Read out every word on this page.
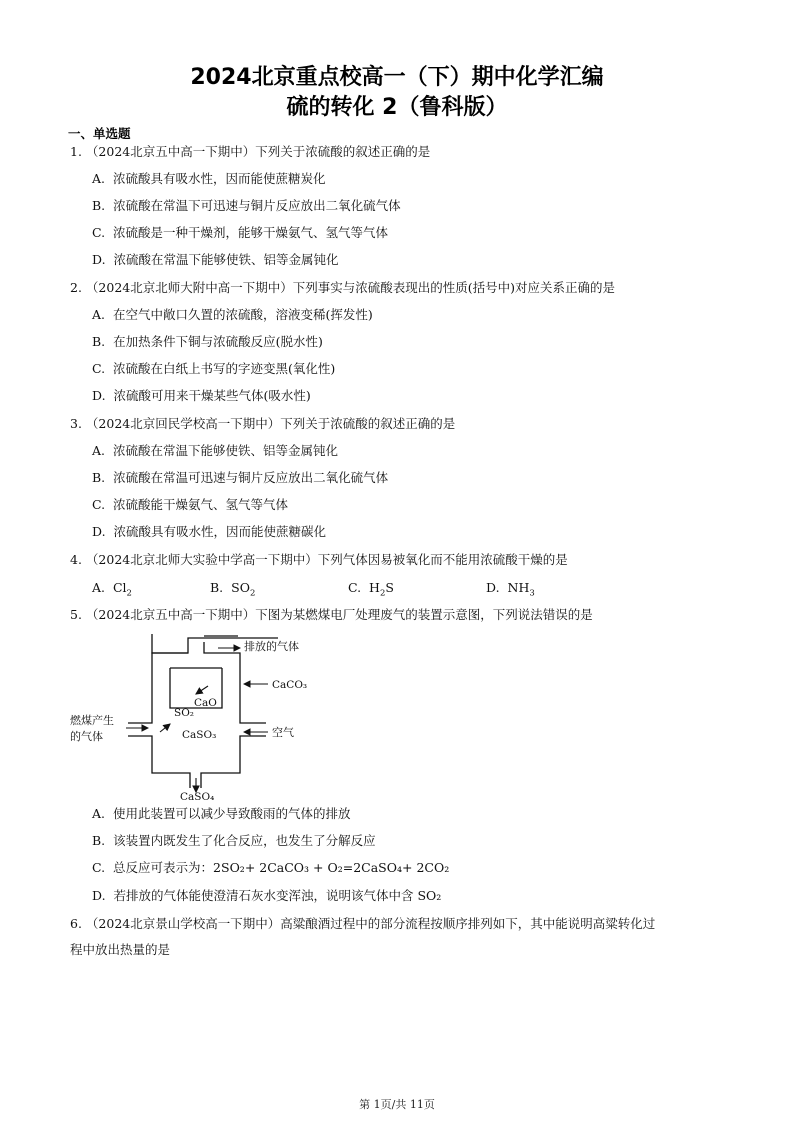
2024北京重点校高一（下）期中化学汇编
硫的转化 2（鲁科版）
一、单选题
1. （2024北京五中高一下期中）下列关于浓硫酸的叙述正确的是
A. 浓硫酸具有吸水性，因而能使蔗糖炭化
B. 浓硫酸在常温下可迅速与铜片反应放出二氧化硫气体
C. 浓硫酸是一种干燥剂，能够干燥氨气、氢气等气体
D. 浓硫酸在常温下能够使铁、铝等金属钝化
2. （2024北京北师大附中高一下期中）下列事实与浓硫酸表现出的性质(括号中)对应关系正确的是
A. 在空气中敞口久置的浓硫酸，溶液变稀(挥发性)
B. 在加热条件下铜与浓硫酸反应(脱水性)
C. 浓硫酸在白纸上书写的字迹变黑(氧化性)
D. 浓硫酸可用来干燥某些气体(吸水性)
3. （2024北京回民学校高一下期中）下列关于浓硫酸的叙述正确的是
A. 浓硫酸在常温下能够使铁、铝等金属钝化
B. 浓硫酸在常温可迅速与铜片反应放出二氧化硫气体
C. 浓硫酸能干燥氨气、氢气等气体
D. 浓硫酸具有吸水性，因而能使蔗糖碳化
4. （2024北京北师大实验中学高一下期中）下列气体因易被氧化而不能用浓硫酸干燥的是
A. $Cl_2$	B. $SO_2$	C. $H_2S$	D. $NH_3$
5. （2024北京五中高一下期中）下图为某燃煤电厂处理废气的装置示意图，下列说法错误的是
排放的气体
CaCO₃
CaO
SO₂
CaSO₃	空气
燃煤产生
的气体
CaSO₄
A. 使用此装置可以减少导致酸雨的气体的排放
B. 该装置内既发生了化合反应，也发生了分解反应
C. 总反应可表示为：2SO₂+ 2CaCO₃ + O₂=2CaSO₄+ 2CO₂
D. 若排放的气体能使澄清石灰水变浑浊，说明该气体中含 SO₂
6. （2024北京景山学校高一下期中）高粱酿酒过程中的部分流程按顺序排列如下，其中能说明高粱转化过
程中放出热量的是
第 1页/共 11页
